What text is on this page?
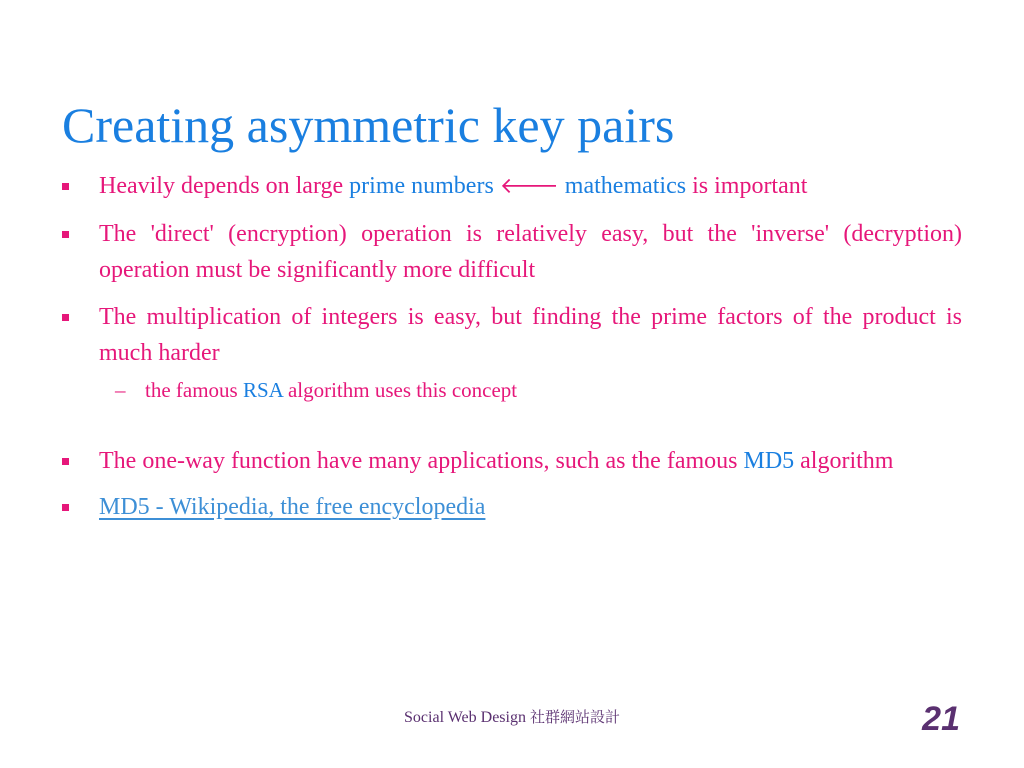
Creating asymmetric key pairs
Heavily depends on large prime numbers 🡐 mathematics is important
The 'direct' (encryption) operation is relatively easy, but the 'inverse' (decryption) operation must be significantly more difficult
The multiplication of integers is easy, but finding the prime factors of the product is much harder
– the famous RSA algorithm uses this concept
The one-way function have many applications, such as the famous MD5 algorithm
MD5 - Wikipedia, the free encyclopedia
Social Web Design 社群網站設計	21
